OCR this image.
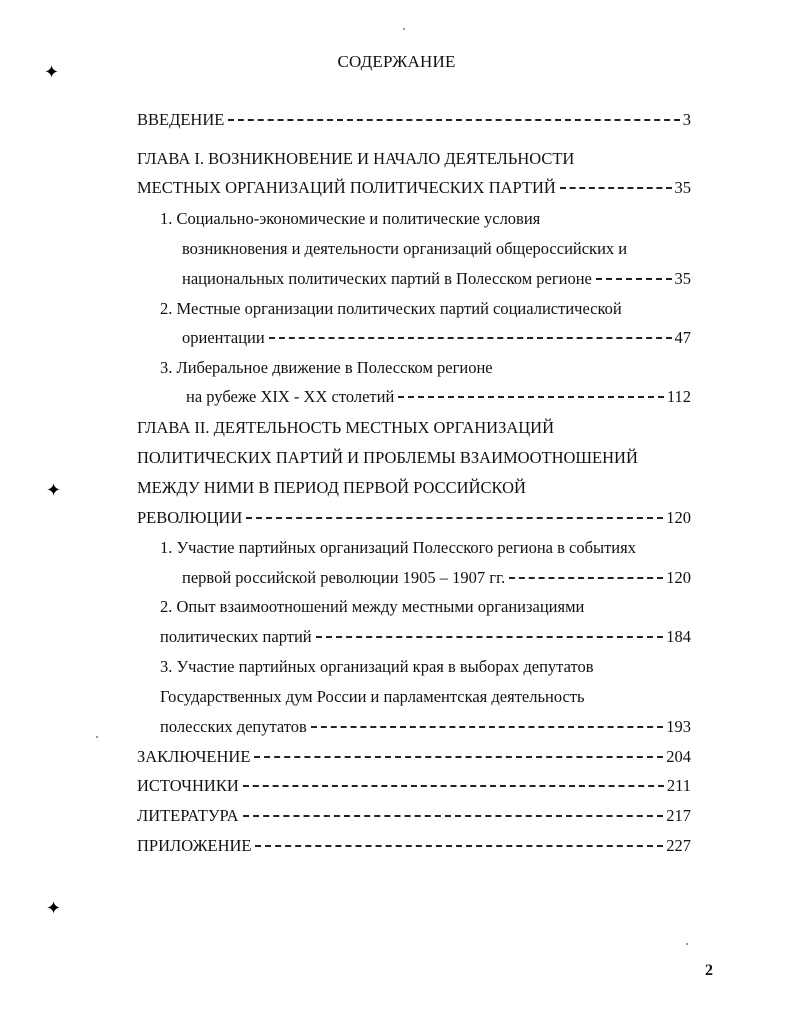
СОДЕРЖАНИЕ
ВВЕДЕНИЕ	3
ГЛАВА I. ВОЗНИКНОВЕНИЕ И НАЧАЛО ДЕЯТЕЛЬНОСТИ
МЕСТНЫХ ОРГАНИЗАЦИЙ ПОЛИТИЧЕСКИХ ПАРТИЙ	35
1. Социально-экономические и политические условия
возникновения и деятельности организаций общероссийских и
национальных политических партий в Полесском регионе	35
2. Местные организации политических партий социалистической
ориентации	47
3. Либеральное движение в Полесском регионе
на рубеже XIX - XX столетий	112
ГЛАВА II. ДЕЯТЕЛЬНОСТЬ МЕСТНЫХ ОРГАНИЗАЦИЙ
ПОЛИТИЧЕСКИХ ПАРТИЙ И ПРОБЛЕМЫ ВЗАИМООТНОШЕНИЙ
МЕЖДУ НИМИ В ПЕРИОД ПЕРВОЙ РОССИЙСКОЙ
РЕВОЛЮЦИИ	120
1. Участие партийных организаций Полесского региона в событиях
первой российской революции 1905 – 1907 гг.	120
2. Опыт взаимоотношений между местными организациями
политических партий	184
3. Участие партийных организаций края в выборах депутатов
Государственных дум России и парламентская деятельность
полесских депутатов	193
ЗАКЛЮЧЕНИЕ	204
ИСТОЧНИКИ	211
ЛИТЕРАТУРА	217
ПРИЛОЖЕНИЕ	227
✦
✦
✦
2
